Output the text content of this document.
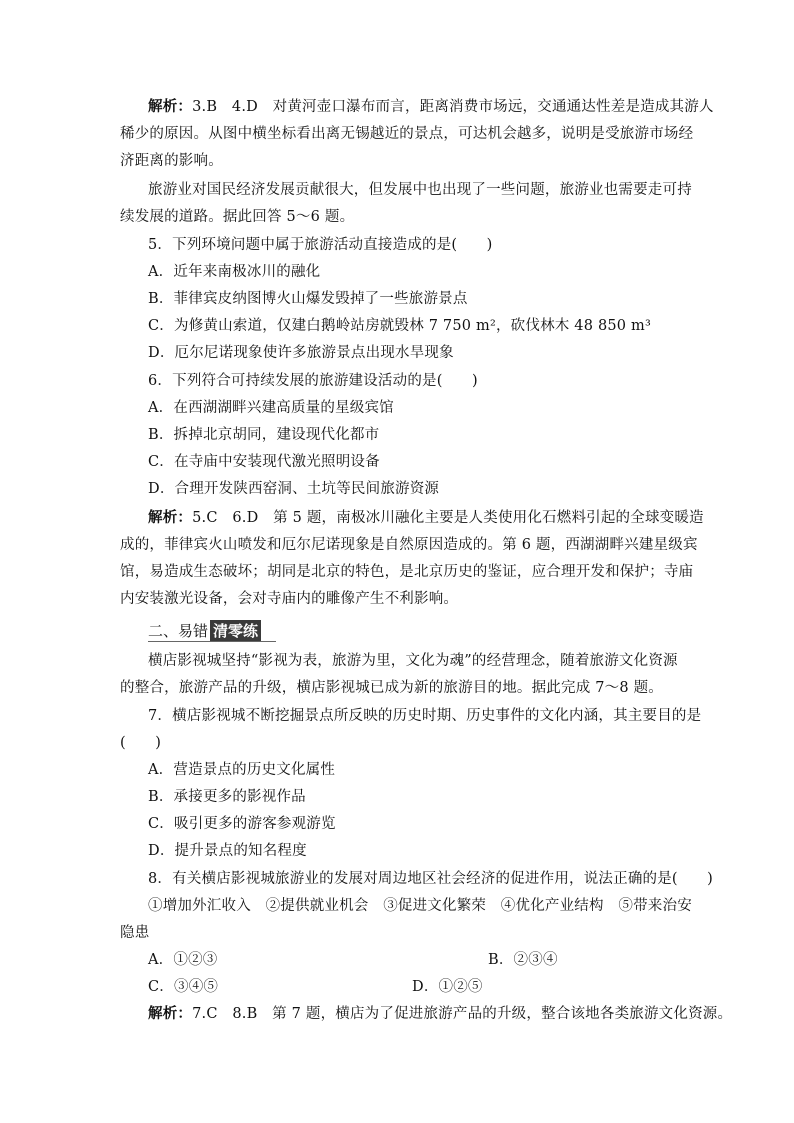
解析：3.B　4.D　对黄河壶口瀑布而言，距离消费市场远，交通通达性差是造成其游人
稀少的原因。从图中横坐标看出离无锡越近的景点，可达机会越多，说明是受旅游市场经
济距离的影响。
旅游业对国民经济发展贡献很大，但发展中也出现了一些问题，旅游业也需要走可持
续发展的道路。据此回答 5～6 题。
5．下列环境问题中属于旅游活动直接造成的是(　　)
A．近年来南极冰川的融化
B．菲律宾皮纳图博火山爆发毁掉了一些旅游景点
C．为修黄山索道，仅建白鹅岭站房就毁林 7 750 m²，砍伐林木 48 850 m³
D．厄尔尼诺现象使许多旅游景点出现水旱现象
6．下列符合可持续发展的旅游建设活动的是(　　)
A．在西湖湖畔兴建高质量的星级宾馆
B．拆掉北京胡同，建设现代化都市
C．在寺庙中安装现代激光照明设备
D．合理开发陕西窑洞、土坑等民间旅游资源
解析：5.C　6.D　第 5 题，南极冰川融化主要是人类使用化石燃料引起的全球变暖造
成的，菲律宾火山喷发和厄尔尼诺现象是自然原因造成的。第 6 题，西湖湖畔兴建星级宾
馆，易造成生态破坏；胡同是北京的特色，是北京历史的鉴证，应合理开发和保护；寺庙
内安装激光设备，会对寺庙内的雕像产生不利影响。
横店影视城坚持“影视为表，旅游为里，文化为魂”的经营理念，随着旅游文化资源
的整合，旅游产品的升级，横店影视城已成为新的旅游目的地。据此完成 7～8 题。
7．横店影视城不断挖掘景点所反映的历史时期、历史事件的文化内涵，其主要目的是
(　　)
A．营造景点的历史文化属性
B．承接更多的影视作品
C．吸引更多的游客参观游览
D．提升景点的知名程度
8．有关横店影视城旅游业的发展对周边地区社会经济的促进作用，说法正确的是(　　)
①增加外汇收入　②提供就业机会　③促进文化繁荣　④优化产业结构　⑤带来治安
隐患
C．③④⑤
解析：7.C　8.B　第 7 题，横店为了促进旅游产品的升级，整合该地各类旅游文化资源。
二、易错 清零练
A．①②③	B．②③④
D．①②⑤
